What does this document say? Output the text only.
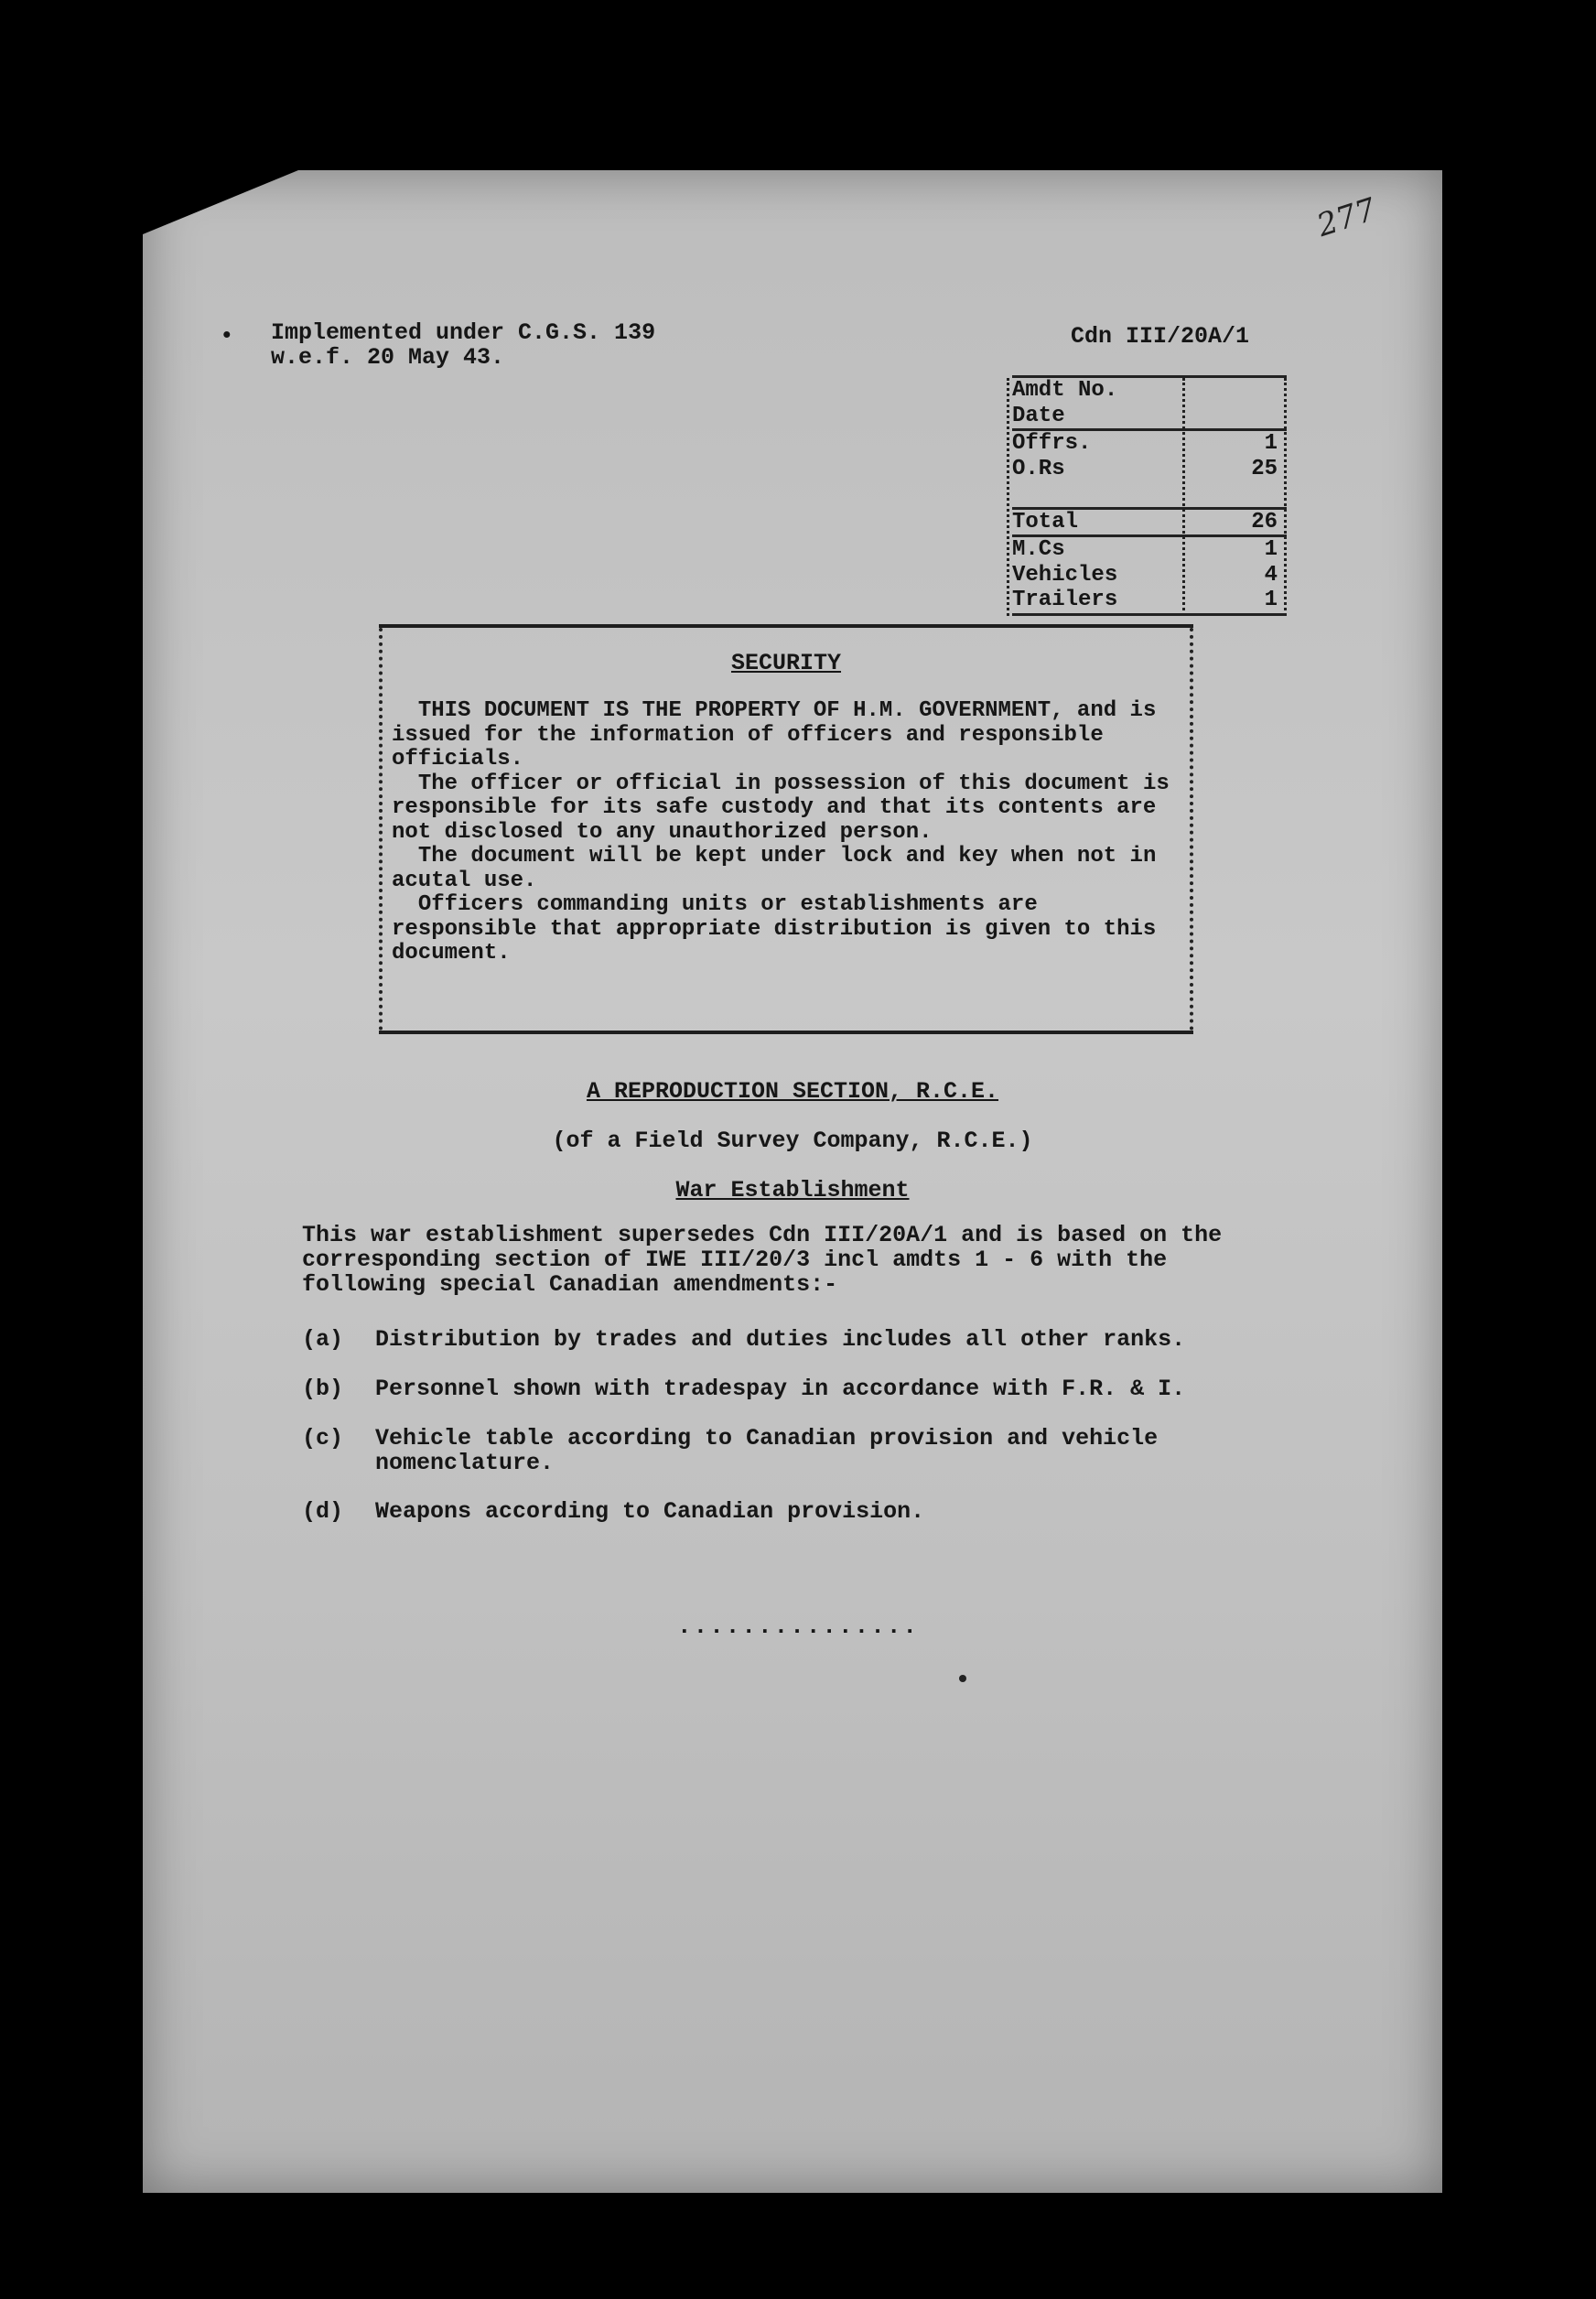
277
• Implemented under C.G.S. 139
w.e.f. 20 May 43.
Cdn III/20A/1
Amdt No.
Date
Offrs.	1
O.Rs	25
Total	26
M.Cs	1
Vehicles	4
Trailers	1
SECURITY

THIS DOCUMENT IS THE PROPERTY OF H.M. GOVERNMENT, and is issued for the information of officers and responsible officials.

The officer or official in possession of this document is responsible for its safe custody and that its contents are not disclosed to any unauthorized person.

The document will be kept under lock and key when not in acutal use.

Officers commanding units or establishments are responsible that appropriate distribution is given to this document.

A REPRODUCTION SECTION, R.C.E.
(of a Field Survey Company, R.C.E.)
War Establishment

This war establishment supersedes Cdn III/20A/1 and is based on the corresponding section of IWE III/20/3 incl amdts 1 - 6 with the following special Canadian amendments:-

(a)	Distribution by trades and duties includes all other ranks.
(b)	Personnel shown with tradespay in accordance with F.R. & I.
(c)	Vehicle table according to Canadian provision and vehicle nomenclature.
(d)	Weapons according to Canadian provision.
...............
